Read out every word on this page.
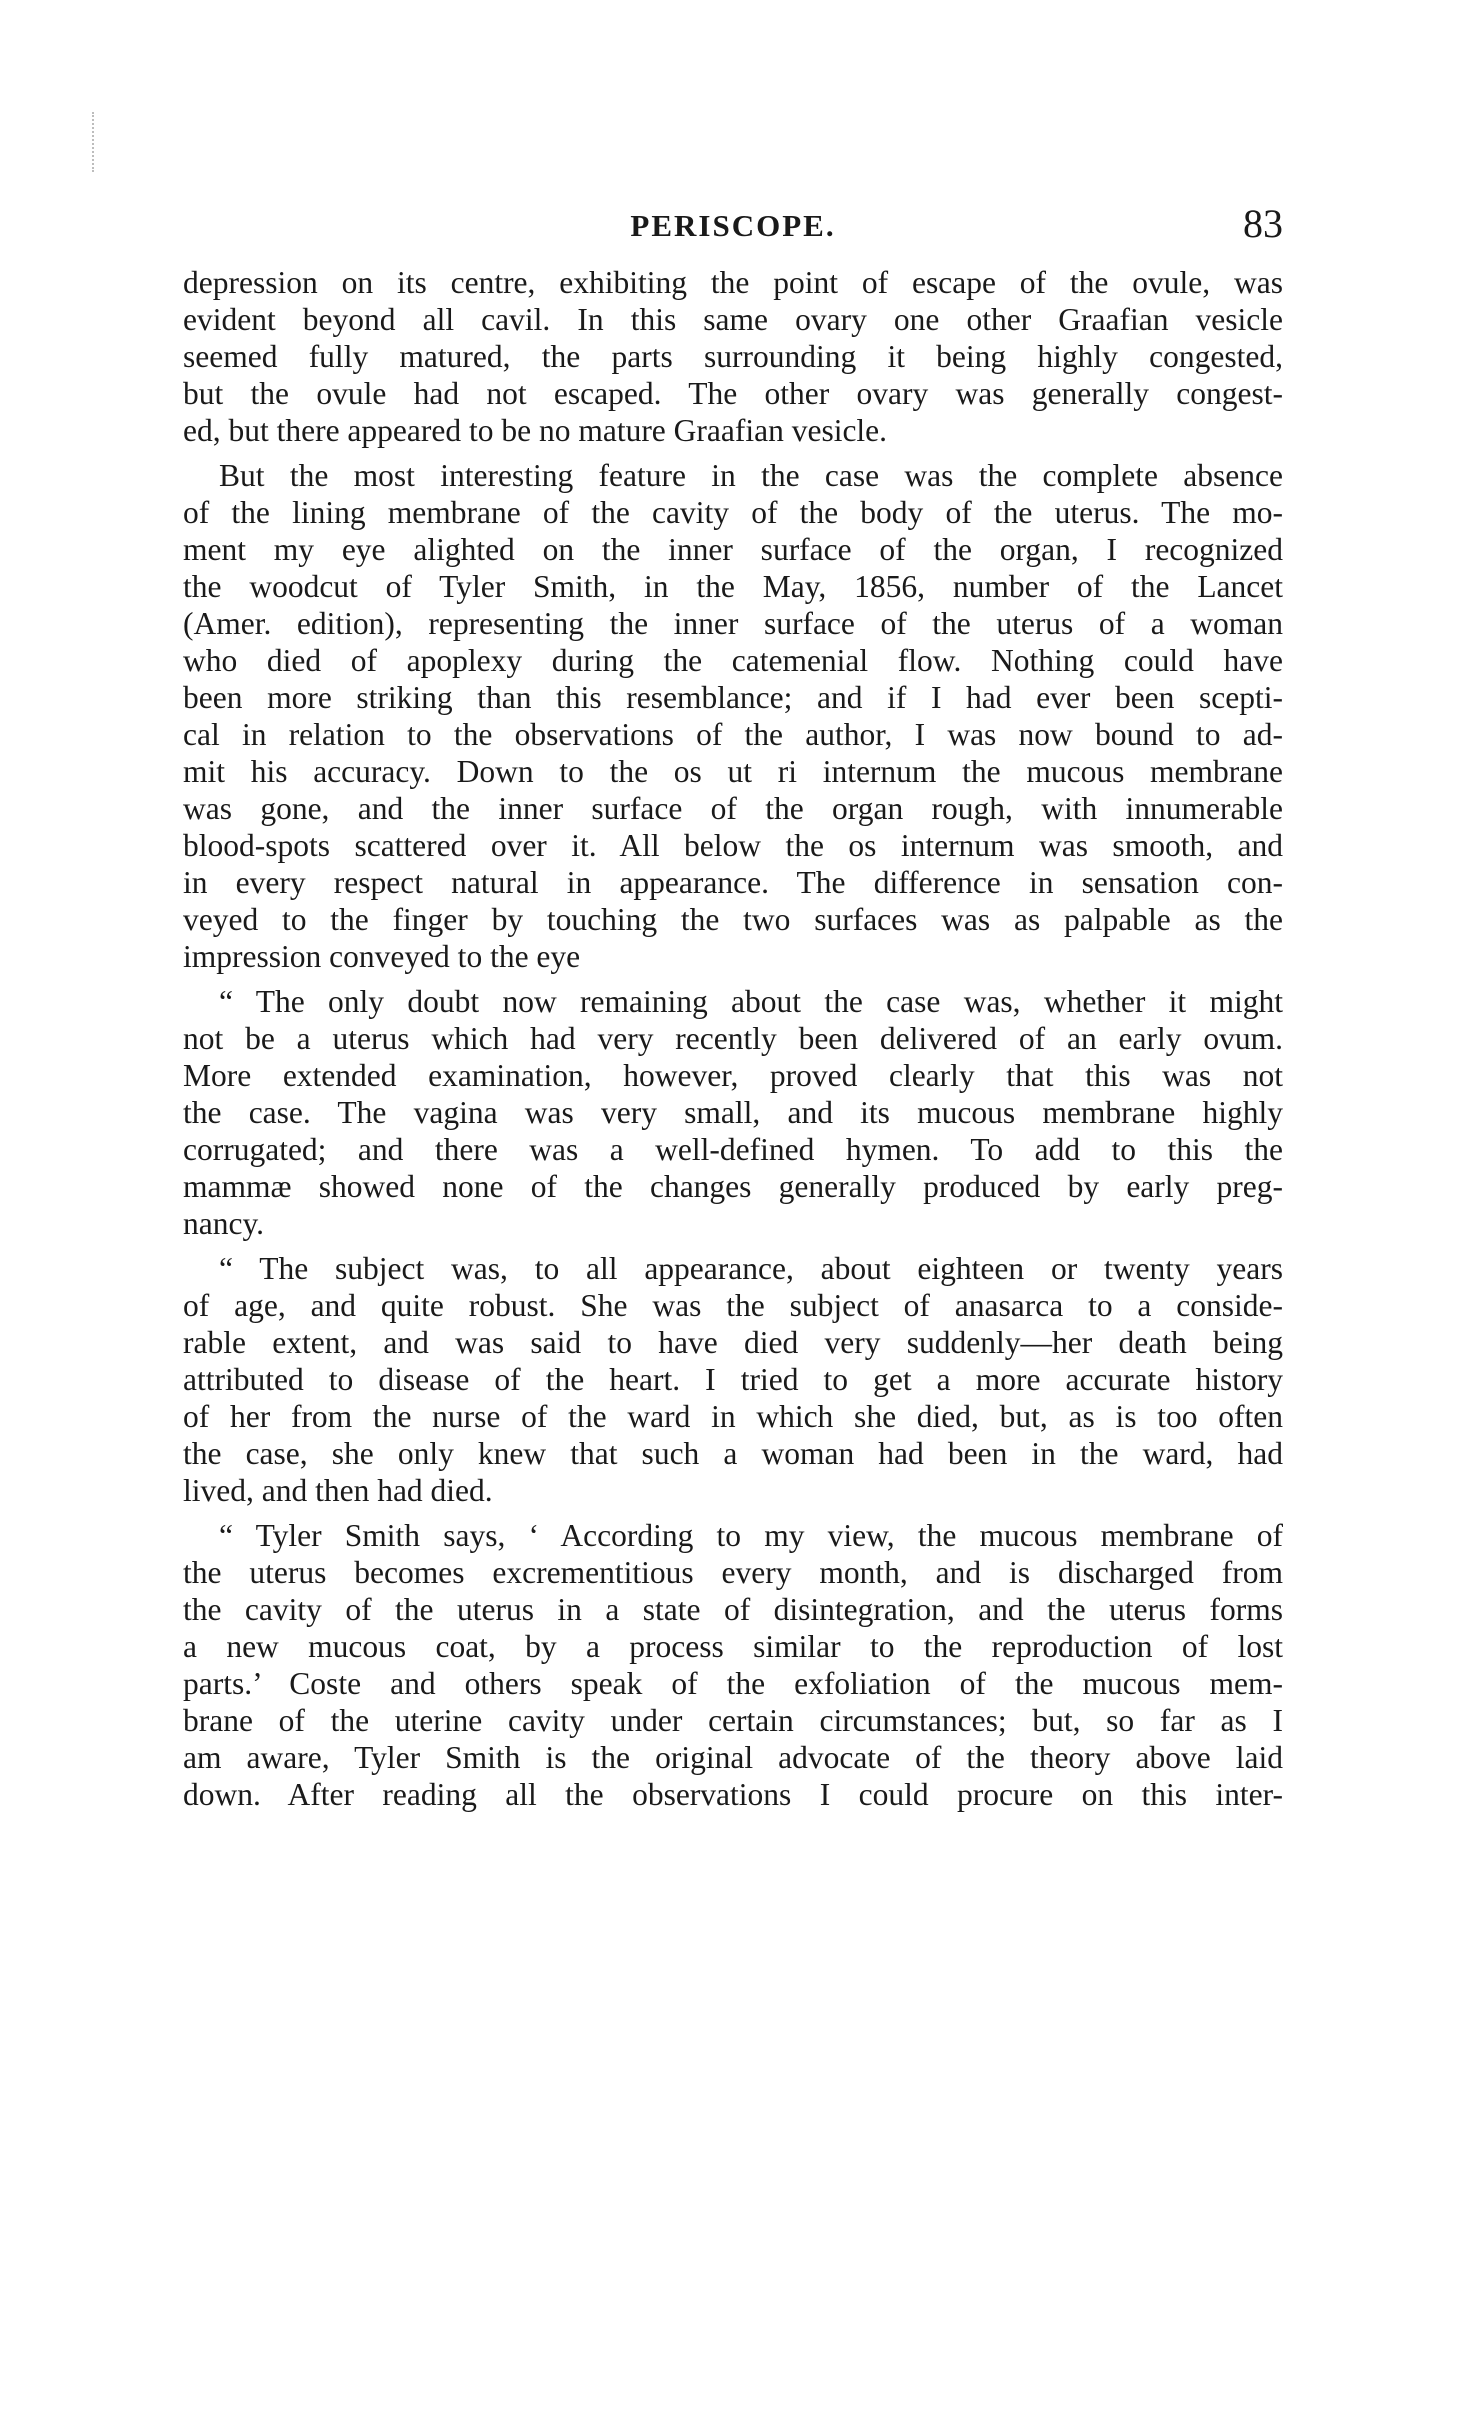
PERISCOPE.	83

depression on its centre, exhibiting the point of escape of the ovule, was
evident beyond all cavil. In this same ovary one other Graafian vesicle
seemed fully matured, the parts surrounding it being highly congested,
but the ovule had not escaped. The other ovary was generally congest-
ed, but there appeared to be no mature Graafian vesicle.

But the most interesting feature in the case was the complete absence
of the lining membrane of the cavity of the body of the uterus. The mo-
ment my eye alighted on the inner surface of the organ, I recognized
the woodcut of Tyler Smith, in the May, 1856, number of the Lancet
(Amer. edition), representing the inner surface of the uterus of a woman
who died of apoplexy during the catemenial flow. Nothing could have
been more striking than this resemblance; and if I had ever been scepti-
cal in relation to the observations of the author, I was now bound to ad-
mit his accuracy. Down to the os ut ri internum the mucous membrane
was gone, and the inner surface of the organ rough, with innumerable
blood-spots scattered over it. All below the os internum was smooth, and
in every respect natural in appearance. The difference in sensation con-
veyed to the finger by touching the two surfaces was as palpable as the
impression conveyed to the eye

“ The only doubt now remaining about the case was, whether it might
not be a uterus which had very recently been delivered of an early ovum.
More extended examination, however, proved clearly that this was not
the case. The vagina was very small, and its mucous membrane highly
corrugated; and there was a well-defined hymen. To add to this the
mammæ showed none of the changes generally produced by early preg-
nancy.

“ The subject was, to all appearance, about eighteen or twenty years
of age, and quite robust. She was the subject of anasarca to a conside-
rable extent, and was said to have died very suddenly—her death being
attributed to disease of the heart. I tried to get a more accurate history
of her from the nurse of the ward in which she died, but, as is too often
the case, she only knew that such a woman had been in the ward, had
lived, and then had died.

“ Tyler Smith says, ‘ According to my view, the mucous membrane of
the uterus becomes excrementitious every month, and is discharged from
the cavity of the uterus in a state of disintegration, and the uterus forms
a new mucous coat, by a process similar to the reproduction of lost
parts.’ Coste and others speak of the exfoliation of the mucous mem-
brane of the uterine cavity under certain circumstances; but, so far as I
am aware, Tyler Smith is the original advocate of the theory above laid
down. After reading all the observations I could procure on this inter-
